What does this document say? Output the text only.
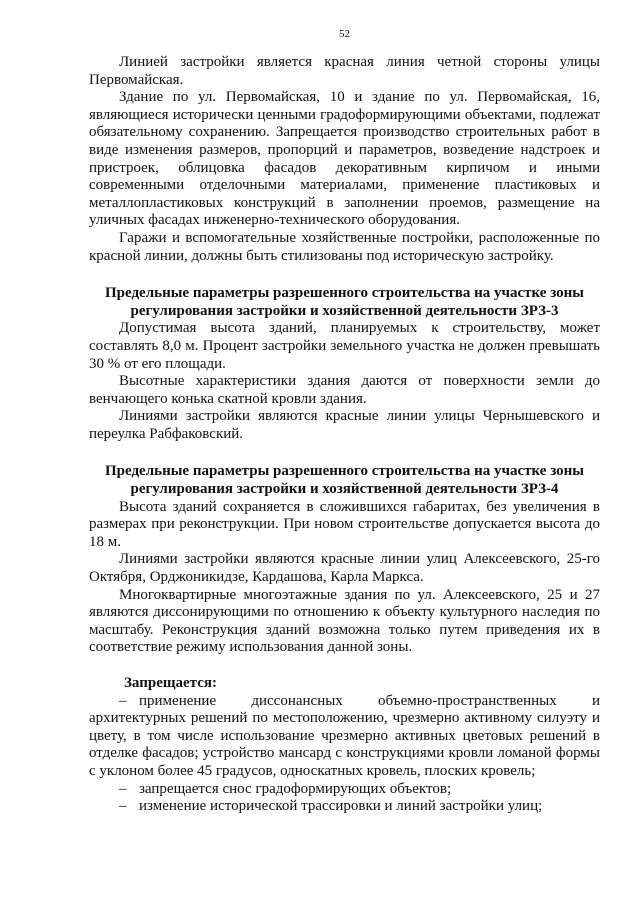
52

Линией застройки является красная линия четной стороны улицы Первомайская.

Здание по ул. Первомайская, 10 и здание по ул. Первомайская, 16, являющиеся исторически ценными градоформирующими объектами, подлежат обязательному сохранению. Запрещается производство строительных работ в виде изменения размеров, пропорций и параметров, возведение надстроек и пристроек, облицовка фасадов декоративным кирпичом и иными современными отделочными материалами, применение пластиковых и металлопластиковых конструкций в заполнении проемов, размещение на уличных фасадах инженерно-технического оборудования.

Гаражи и вспомогательные хозяйственные постройки, расположенные по красной линии, должны быть стилизованы под историческую застройку.

Предельные параметры разрешенного строительства на участке зоны регулирования застройки и хозяйственной деятельности ЗРЗ-3

Допустимая высота зданий, планируемых к строительству, может составлять 8,0 м. Процент застройки земельного участка не должен превышать 30 % от его площади.

Высотные характеристики здания даются от поверхности земли до венчающего конька скатной кровли здания.

Линиями застройки являются красные линии улицы Чернышевского и переулка Рабфаковский.

Предельные параметры разрешенного строительства на участке зоны регулирования застройки и хозяйственной деятельности ЗРЗ-4

Высота зданий сохраняется в сложившихся габаритах, без увеличения в размерах при реконструкции. При новом строительстве допускается высота до 18 м.

Линиями застройки являются красные линии улиц Алексеевского, 25-го Октября, Орджоникидзе, Кардашова, Карла Маркса.

Многоквартирные многоэтажные здания по ул. Алексеевского, 25 и 27 являются диссонирующими по отношению к объекту культурного наследия по масштабу. Реконструкция зданий возможна только путем приведения их в соответствие режиму использования данной зоны.

Запрещается:
– применение диссонансных объемно-пространственных и

архитектурных решений по местоположению, чрезмерно активному силуэту и цвету, в том числе использование чрезмерно активных цветовых решений в отделке фасадов; устройство мансард с конструкциями кровли ломаной формы с уклоном более 45 градусов, односкатных кровель, плоских кровель;

– запрещается снос градоформирующих объектов;
– изменение исторической трассировки и линий застройки улиц;
